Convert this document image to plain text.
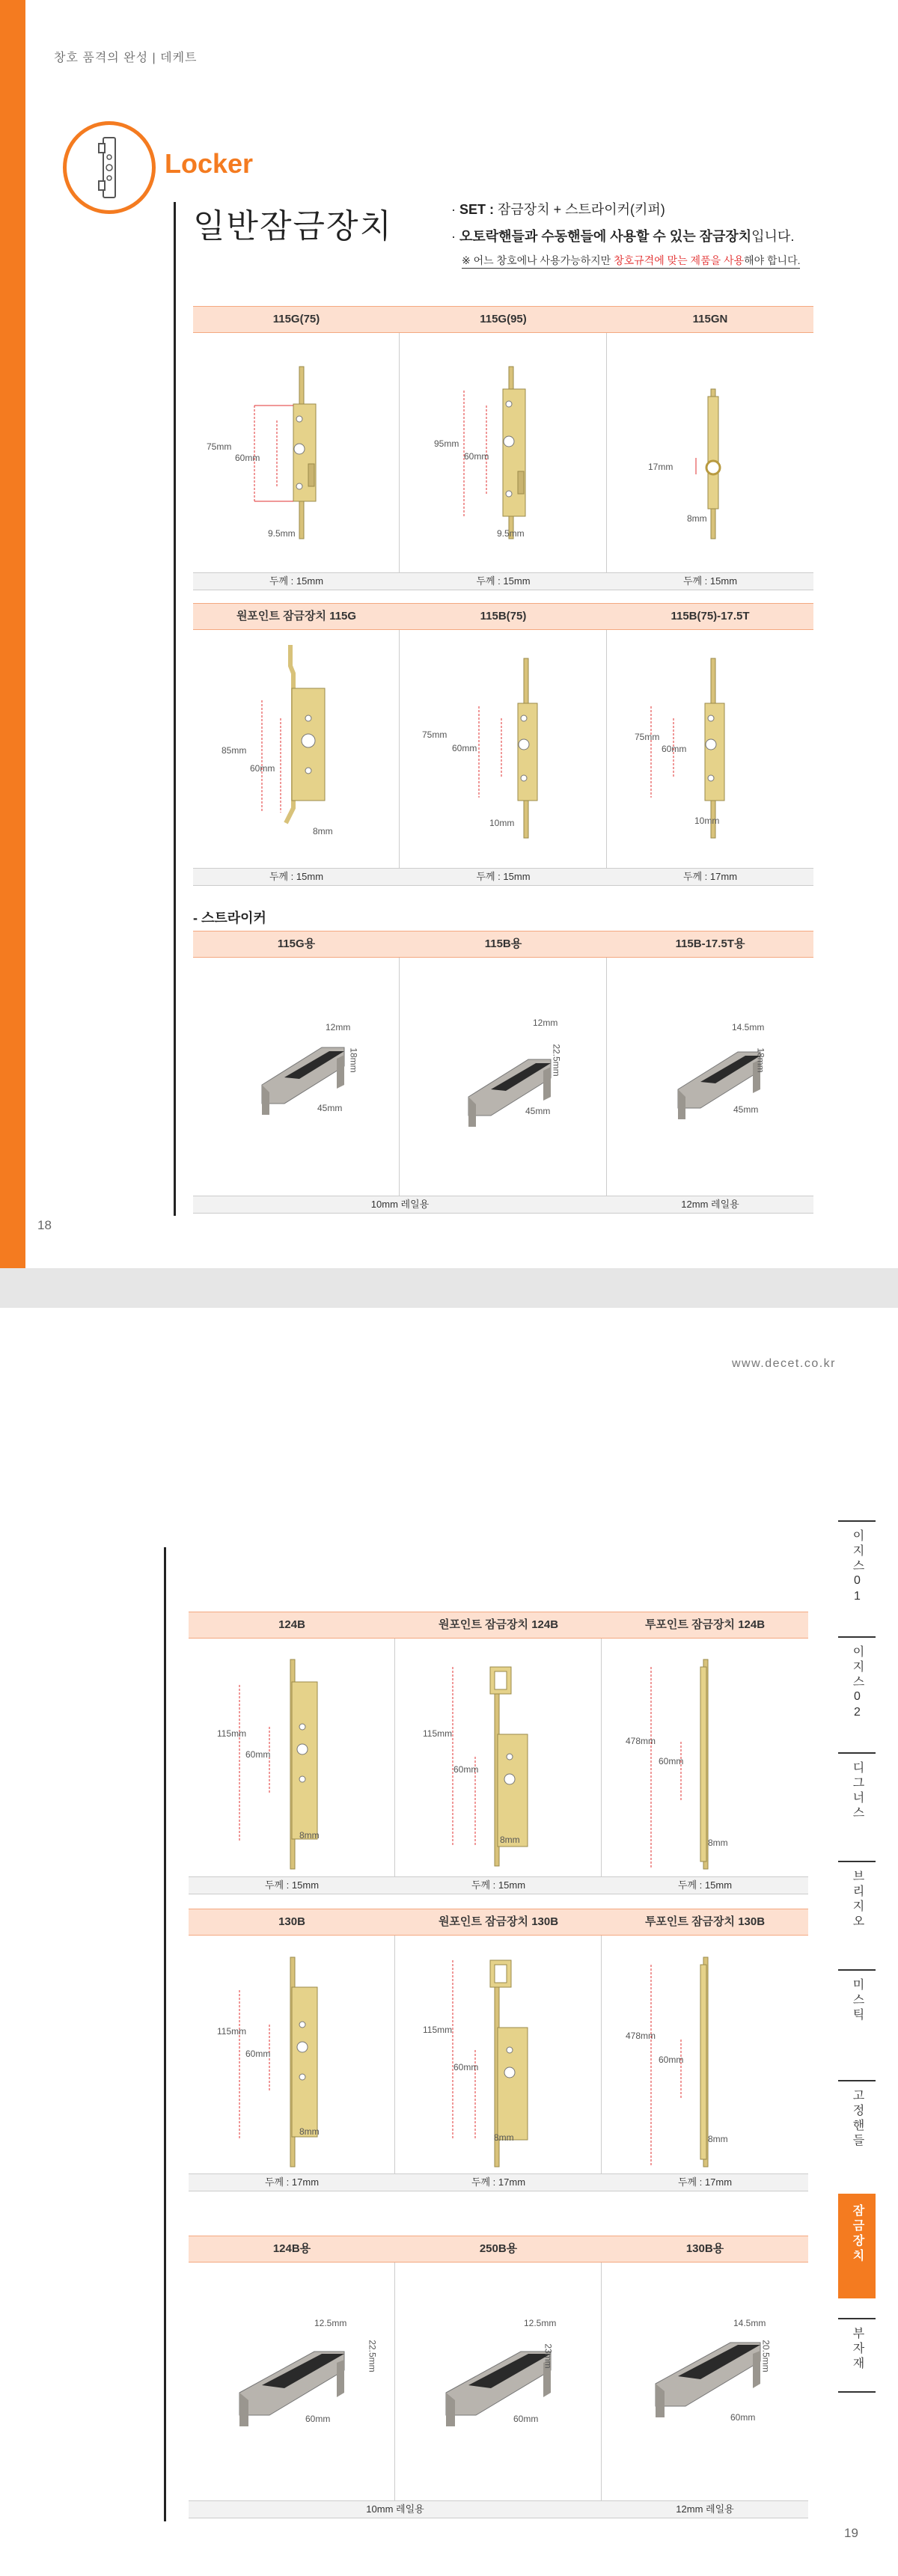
창호 품격의 완성 | 데케트
Locker
일반잠금장치	· SET : 잠금장치 + 스트라이커(키퍼)
· 오토락핸들과 수동핸들에 사용할 수 있는 잠금장치입니다.
※ 어느 창호에나 사용가능하지만 창호규격에 맞는 제품을 사용해야 합니다.
115G(75)	115G(95)	115GN
75mm
60mm
9.5mm
95mm
60mm
9.5mm
17mm
8mm
두께 : 15mm	두께 : 15mm	두께 : 15mm
원포인트 잠금장치 115G	115B(75)	115B(75)-17.5T
85mm
60mm
8mm
75mm
60mm
10mm
75mm
60mm
10mm
두께 : 15mm	두께 : 15mm	두께 : 17mm
- 스트라이커
115G용	115B용	115B-17.5T용
12mm
18mm
45mm
12mm
22.5mm
45mm
14.5mm
18mm
45mm
10mm 레일용	12mm 레일용
18
www.decet.co.kr
124B	원포인트 잠금장치 124B	투포인트 잠금장치 124B
115mm
60mm
8mm
115mm
60mm
8mm
478mm
60mm
8mm
두께 : 15mm	두께 : 15mm	두께 : 15mm
130B	원포인트 잠금장치 130B	투포인트 잠금장치 130B
115mm
60mm
8mm
115mm
60mm
8mm
478mm
60mm
8mm
두께 : 17mm	두께 : 17mm	두께 : 17mm
124B용	250B용	130B용
12.5mm
22.5mm
60mm
12.5mm
23mm
60mm
14.5mm
20.5mm
60mm
10mm 레일용	12mm 레일용
이지스01
이지스02
디그너스
브리지오
미스틱
고정핸들
잠금장치
부자재
19
